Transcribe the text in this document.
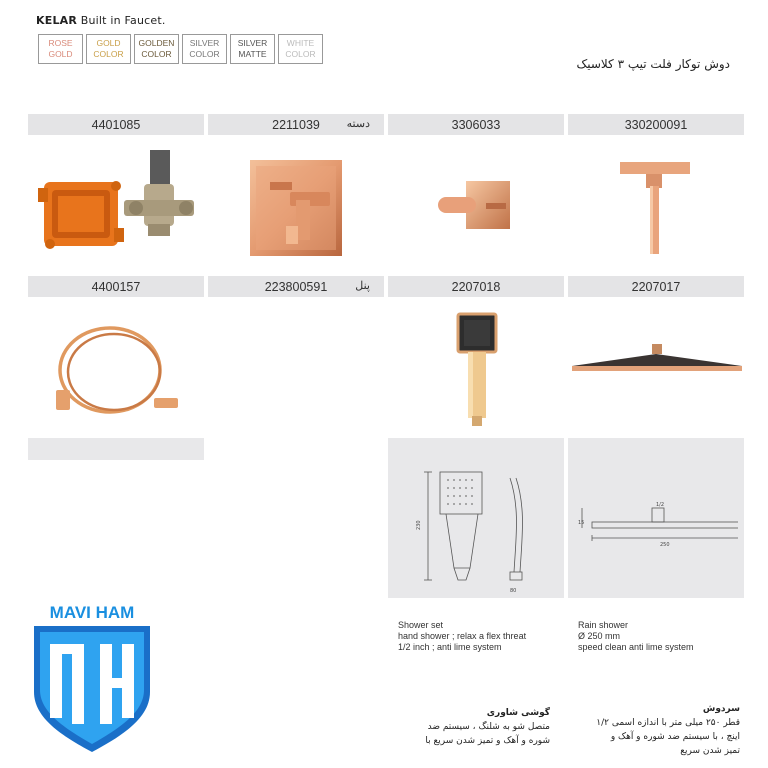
KELAR Built in Faucet.
ROSE
GOLD
GOLD
COLOR
GOLDEN
COLOR
SILVER
COLOR
SILVER
MATTE
WHITE
COLOR
دوش توکار فلت تیپ ۳ کلاسیک
4401085	2211039 دسته	3306033	330200091
4400157	223800591	پنل	2207018	2207017
230
80
1/2
250
15
Shower set
hand shower ; relax a flex threat
1/2 inch ; anti lime system
Rain shower
Ø 250 mm
speed clean anti lime system
گوشی شاوری
متصل شو به شلنگ ، سیستم ضد
شوره و آهک و تمیز شدن سریع با
سردوش
قطر ۲۵۰ میلی متر با اندازه اسمی ۱/۲
اینچ ، با سیستم ضد شوره و آهک و
تمیز شدن سریع
MAVI HAM
